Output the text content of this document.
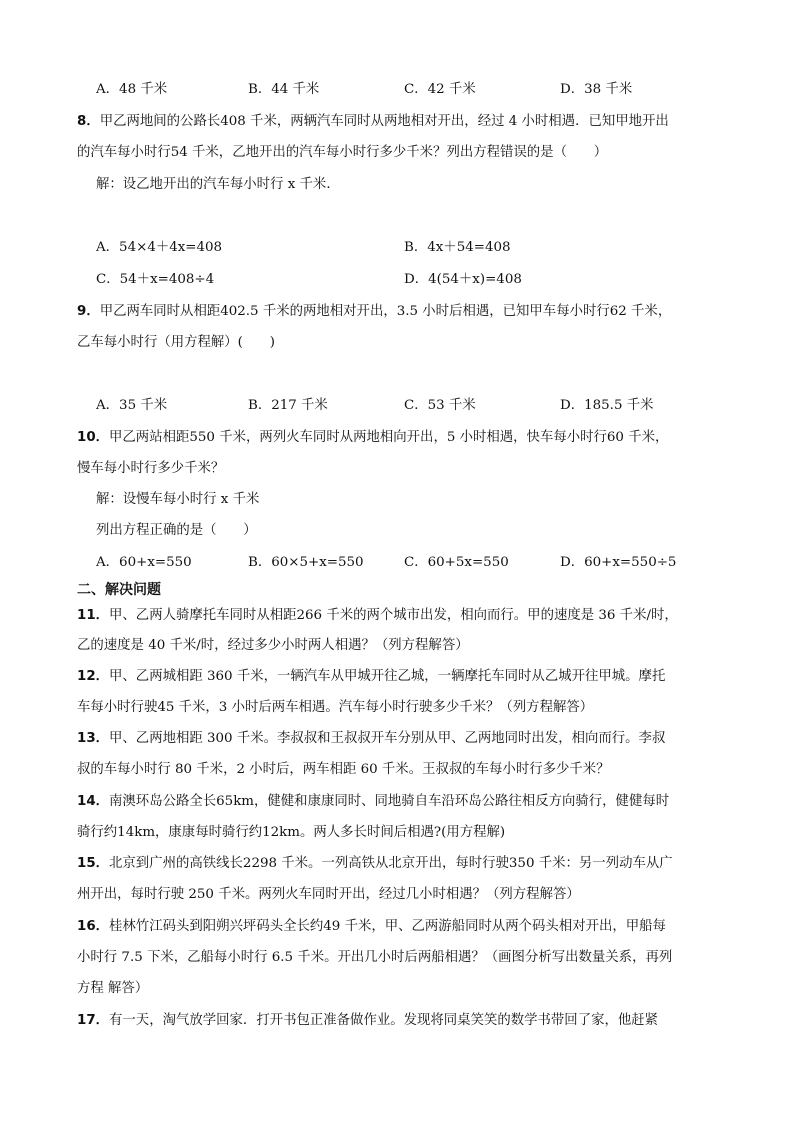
A．48 千米	B．44 千米	C．42 千米	D．38 千米
8．甲乙两地间的公路长408 千米，两辆汽车同时从两地相对开出，经过 4 小时相遇．已知甲地开出
的汽车每小时行54 千米，乙地开出的汽车每小时行多少千米？列出方程错误的是（　　）
解：设乙地开出的汽车每小时行 x 千米．
A．54×4＋4x=408	B．4x＋54=408
C．54＋x=408÷4	D．4(54＋x)=408
9．甲乙两车同时从相距402.5 千米的两地相对开出，3.5 小时后相遇，已知甲车每小时行62 千米，
乙车每小时行（用方程解）(　　)
A．35 千米	B．217 千米	C．53 千米	D．185.5 千米
10．甲乙两站相距550 千米，两列火车同时从两地相向开出，5 小时相遇，快车每小时行60 千米，
慢车每小时行多少千米？
解：设慢车每小时行 x 千米
列出方程正确的是（　　）
A．60+x=550	B．60×5+x=550	C．60+5x=550	D．60+x=550÷5
二、解决问题
11．甲、乙两人骑摩托车同时从相距266 千米的两个城市出发，相向而行。甲的速度是 36 千米/时，
乙的速度是 40 千米/时，经过多少小时两人相遇？（列方程解答）
12．甲、乙两城相距 360 千米，一辆汽车从甲城开往乙城，一辆摩托车同时从乙城开往甲城。摩托
车每小时行驶45 千米，3 小时后两车相遇。汽车每小时行驶多少千米？（列方程解答）
13．甲、乙两地相距 300 千米。李叔叔和王叔叔开车分别从甲、乙两地同时出发，相向而行。李叔
叔的车每小时行 80 千米，2 小时后，两车相距 60 千米。王叔叔的车每小时行多少千米？
14．南澳环岛公路全长65km，健健和康康同时、同地骑自车沿环岛公路往相反方向骑行，健健每时
骑行约14km，康康每时骑行约12km。两人多长时间后相遇?(用方程解)
15．北京到广州的高铁线长2298 千米。一列高铁从北京开出，每时行驶350 千米：另一列动车从广
州开出，每时行驶 250 千米。两列火车同时开出，经过几小时相遇？（列方程解答）
16．桂林竹江码头到阳朔兴坪码头全长约49 千米，甲、乙两游船同时从两个码头相对开出，甲船每
小时行 7.5 下米，乙船每小时行 6.5 千米。开出几小时后两船相遇？（画图分析写出数量关系，再列
方程 解答）
17．有一天，淘气放学回家．打开书包正准备做作业。发现将同桌笑笑的数学书带回了家，他赶紧
